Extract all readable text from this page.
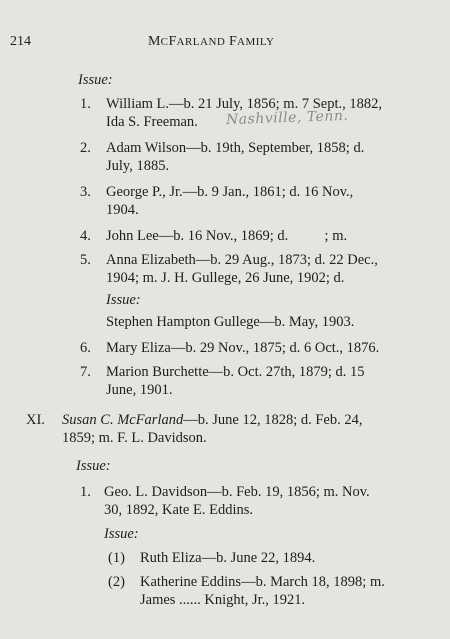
214	MCFARLAND FAMILY
Issue:
1. William L.—b. 21 July, 1856; m. 7 Sept., 1882,
Ida S. Freeman. Nashville, Tenn.
2. Adam Wilson—b. 19th, September, 1858; d.
July, 1885.
3. George P., Jr.—b. 9 Jan., 1861; d. 16 Nov.,
1904.
4. John Lee—b. 16 Nov., 1869; d.          ; m.
5. Anna Elizabeth—b. 29 Aug., 1873; d. 22 Dec.,
1904; m. J. H. Gullege, 26 June, 1902; d.
Issue:
Stephen Hampton Gullege—b. May, 1903.
6. Mary Eliza—b. 29 Nov., 1875; d. 6 Oct., 1876.
7. Marion Burchette—b. Oct. 27th, 1879; d. 15
June, 1901.
XI. Susan C. McFarland—b. June 12, 1828; d. Feb. 24,
1859; m. F. L. Davidson.
Issue:
1. Geo. L. Davidson—b. Feb. 19, 1856; m. Nov.
30, 1892, Kate E. Eddins.
Issue:
(1) Ruth Eliza—b. June 22, 1894.
(2) Katherine Eddins—b. March 18, 1898; m.
James ...... Knight, Jr., 1921.
